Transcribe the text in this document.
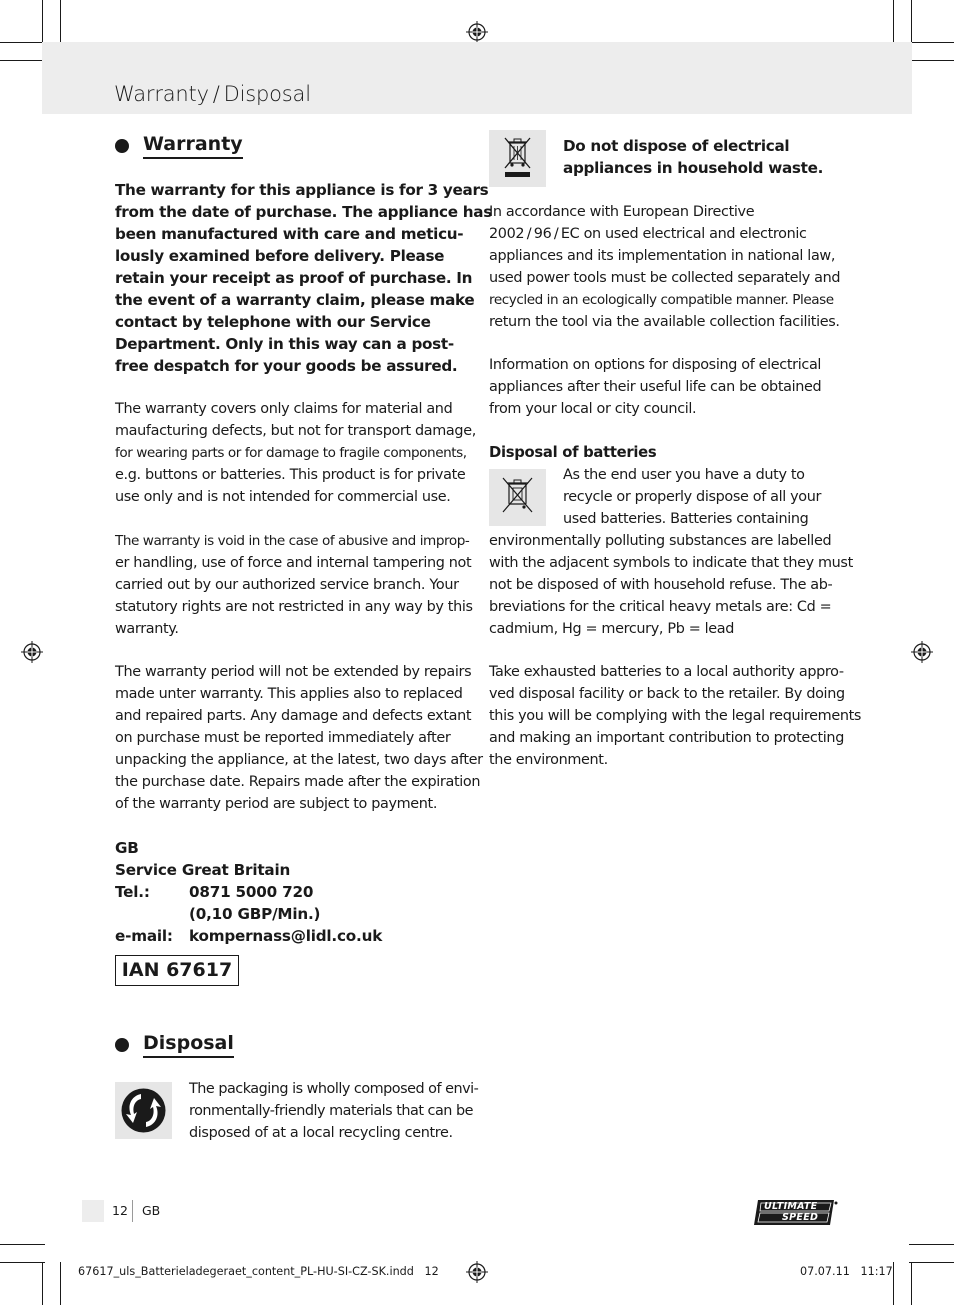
Warranty / Disposal
Warranty
The warranty for this appliance is for 3 years
from the date of purchase. The appliance has
been manufactured with care and meticu-
lously examined before delivery. Please
retain your receipt as proof of purchase. In
the event of a warranty claim, please make
contact by telephone with our Service
Department. Only in this way can a post-
free despatch for your goods be assured.
The warranty covers only claims for material and
maufacturing defects, but not for transport damage,
for wearing parts or for damage to fragile components,
e.g. buttons or batteries. This product is for private
use only and is not intended for commercial use.
The warranty is void in the case of abusive and improp-
er handling, use of force and internal tampering not
carried out by our authorized service branch. Your
statutory rights are not restricted in any way by this
warranty.
The warranty period will not be extended by repairs
made unter warranty. This applies also to replaced
and repaired parts. Any damage and defects extant
on purchase must be reported immediately after
unpacking the appliance, at the latest, two days after
the purchase date. Repairs made after the expiration
of the warranty period are subject to payment.
GB
Service Great Britain
Tel.:	0871 5000 720
(0,10 GBP/Min.)
e-mail:	kompernass@lidl.co.uk
IAN 67617
Disposal
The packaging is wholly composed of envi-
ronmentally-friendly materials that can be
disposed of at a local recycling centre.
Do not dispose of electrical
appliances in household waste.
In accordance with European Directive
2002 / 96 / EC on used electrical and electronic
appliances and its implementation in national law,
used power tools must be collected separately and
recycled in an ecologically compatible manner. Please
return the tool via the available collection facilities.
Information on options for disposing of electrical
appliances after their useful life can be obtained
from your local or city council.
Disposal of batteries
As the end user you have a duty to
recycle or properly dispose of all your
used batteries. Batteries containing
environmentally polluting substances are labelled
with the adjacent symbols to indicate that they must
not be disposed of with household refuse. The ab-
breviations for the critical heavy metals are: Cd =
cadmium, Hg = mercury, Pb = lead
Take exhausted batteries to a local authority appro-
ved disposal facility or back to the retailer. By doing
this you will be complying with the legal requirements
and making an important contribution to protecting
the environment.
12 GB	ULTIMATE
SPEED
67617_uls_Batterieladegeraet_content_PL-HU-SI-CZ-SK.indd   12	07.07.11   11:17
